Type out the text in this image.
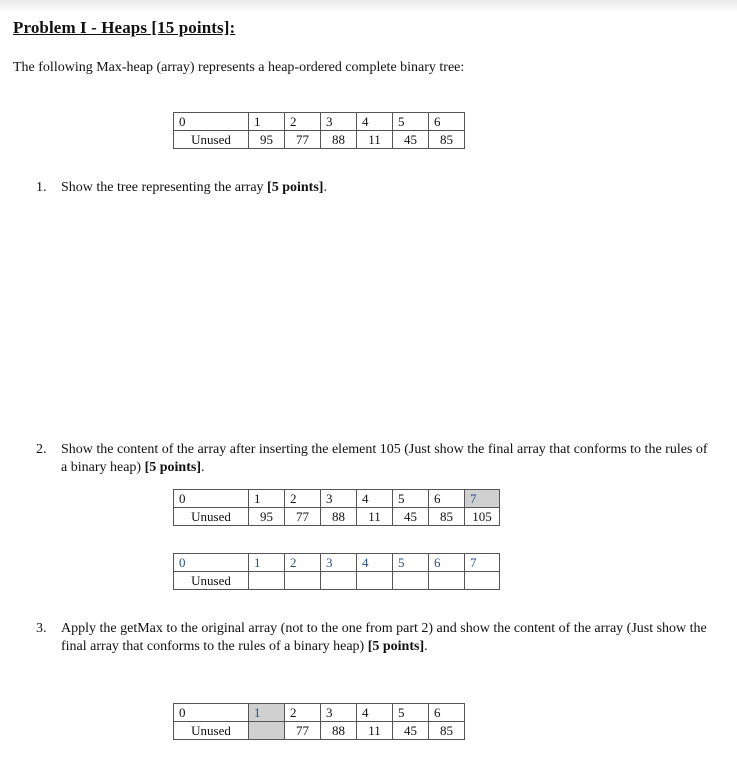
Problem I - Heaps [15 points]:
The following Max-heap (array) represents a heap-ordered complete binary tree:
0	1	2	3	4	5	6
Unused	95	77	88	11	45	85
1. Show the tree representing the array [5 points].
2. Show the content of the array after inserting the element 105 (Just show the final array that conforms to the rules of a binary heap) [5 points].
0	1	2	3	4	5	6	7
Unused	95	77	88	11	45	85	105
0	1	2	3	4	5	6	7
Unused							
3. Apply the getMax to the original array (not to the one from part 2) and show the content of the array (Just show the final array that conforms to the rules of a binary heap) [5 points].
0	1	2	3	4	5	6
Unused		77	88	11	45	85
